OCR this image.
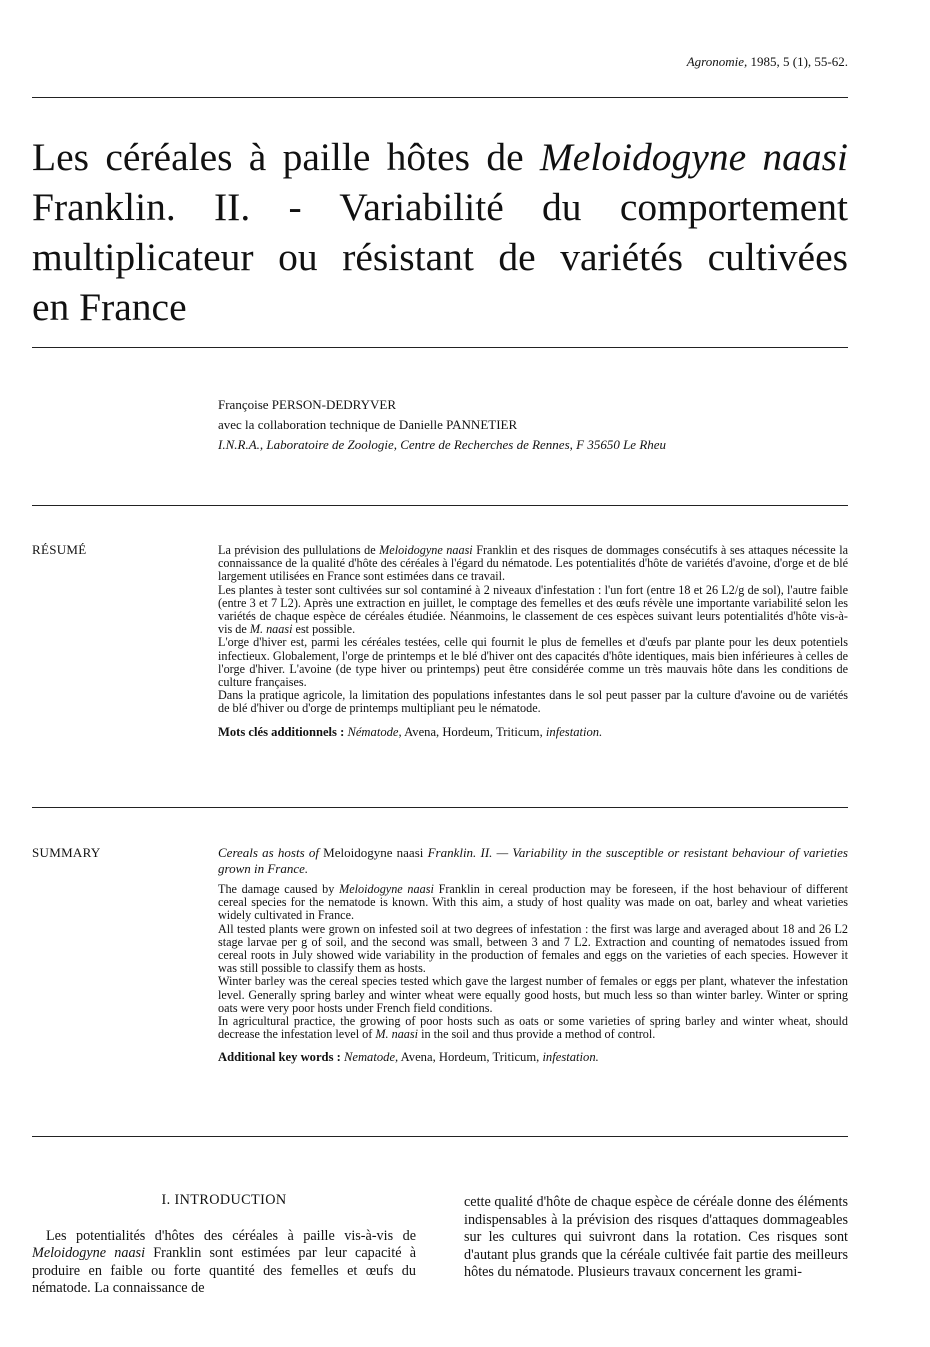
Agronomie, 1985, 5 (1), 55-62.
Les céréales à paille hôtes de Meloidogyne naasi
Franklin. II. - Variabilité du comportement
multiplicateur ou résistant de variétés cultivées
en France
Françoise PERSON-DEDRYVER
avec la collaboration technique de Danielle PANNETIER
I.N.R.A., Laboratoire de Zoologie, Centre de Recherches de Rennes, F 35650 Le Rheu
RÉSUMÉ	La prévision des pullulations de Meloidogyne naasi Franklin et des risques de dommages consécutifs à ses attaques nécessite la connaissance de la qualité d'hôte des céréales à l'égard du nématode. Les potentialités d'hôte de variétés d'avoine, d'orge et de blé largement utilisées en France sont estimées dans ce travail.

Les plantes à tester sont cultivées sur sol contaminé à 2 niveaux d'infestation : l'un fort (entre 18 et 26 L2/g de sol), l'autre faible (entre 3 et 7 L2). Après une extraction en juillet, le comptage des femelles et des œufs révèle une importante variabilité selon les variétés de chaque espèce de céréales étudiée. Néanmoins, le classement de ces espèces suivant leurs potentialités d'hôte vis-à-vis de M. naasi est possible.

L'orge d'hiver est, parmi les céréales testées, celle qui fournit le plus de femelles et d'œufs par plante pour les deux potentiels infectieux. Globalement, l'orge de printemps et le blé d'hiver ont des capacités d'hôte identiques, mais bien inférieures à celles de l'orge d'hiver. L'avoine (de type hiver ou printemps) peut être considérée comme un très mauvais hôte dans les conditions de culture françaises.

Dans la pratique agricole, la limitation des populations infestantes dans le sol peut passer par la culture d'avoine ou de variétés de blé d'hiver ou d'orge de printemps multipliant peu le nématode.

Mots clés additionnels : Nématode, Avena, Hordeum, Triticum, infestation.

SUMMARY	Cereals as hosts of Meloidogyne naasi Franklin. II. — Variability in the susceptible or resistant behaviour of varieties grown in France.

The damage caused by Meloidogyne naasi Franklin in cereal production may be foreseen, if the host behaviour of different cereal species for the nematode is known. With this aim, a study of host quality was made on oat, barley and wheat varieties widely cultivated in France.

All tested plants were grown on infested soil at two degrees of infestation : the first was large and averaged about 18 and 26 L2 stage larvae per g of soil, and the second was small, between 3 and 7 L2. Extraction and counting of nematodes issued from cereal roots in July showed wide variability in the production of females and eggs on the varieties of each species. However it was still possible to classify them as hosts.

Winter barley was the cereal species tested which gave the largest number of females or eggs per plant, whatever the infestation level. Generally spring barley and winter wheat were equally good hosts, but much less so than winter barley. Winter or spring oats were very poor hosts under French field conditions.

In agricultural practice, the growing of poor hosts such as oats or some varieties of spring barley and winter wheat, should decrease the infestation level of M. naasi in the soil and thus provide a method of control.

Additional key words : Nematode, Avena, Hordeum, Triticum, infestation.

I. INTRODUCTION

Les potentialités d'hôtes des céréales à paille vis-à-vis de Meloidogyne naasi Franklin sont estimées par leur capacité à produire en faible ou forte quantité des femelles et œufs du nématode. La connaissance de

cette qualité d'hôte de chaque espèce de céréale donne des éléments indispensables à la prévision des risques d'attaques dommageables sur les cultures qui suivront dans la rotation. Ces risques sont d'autant plus grands que la céréale cultivée fait partie des meilleurs hôtes du nématode. Plusieurs travaux concernent les grami-
